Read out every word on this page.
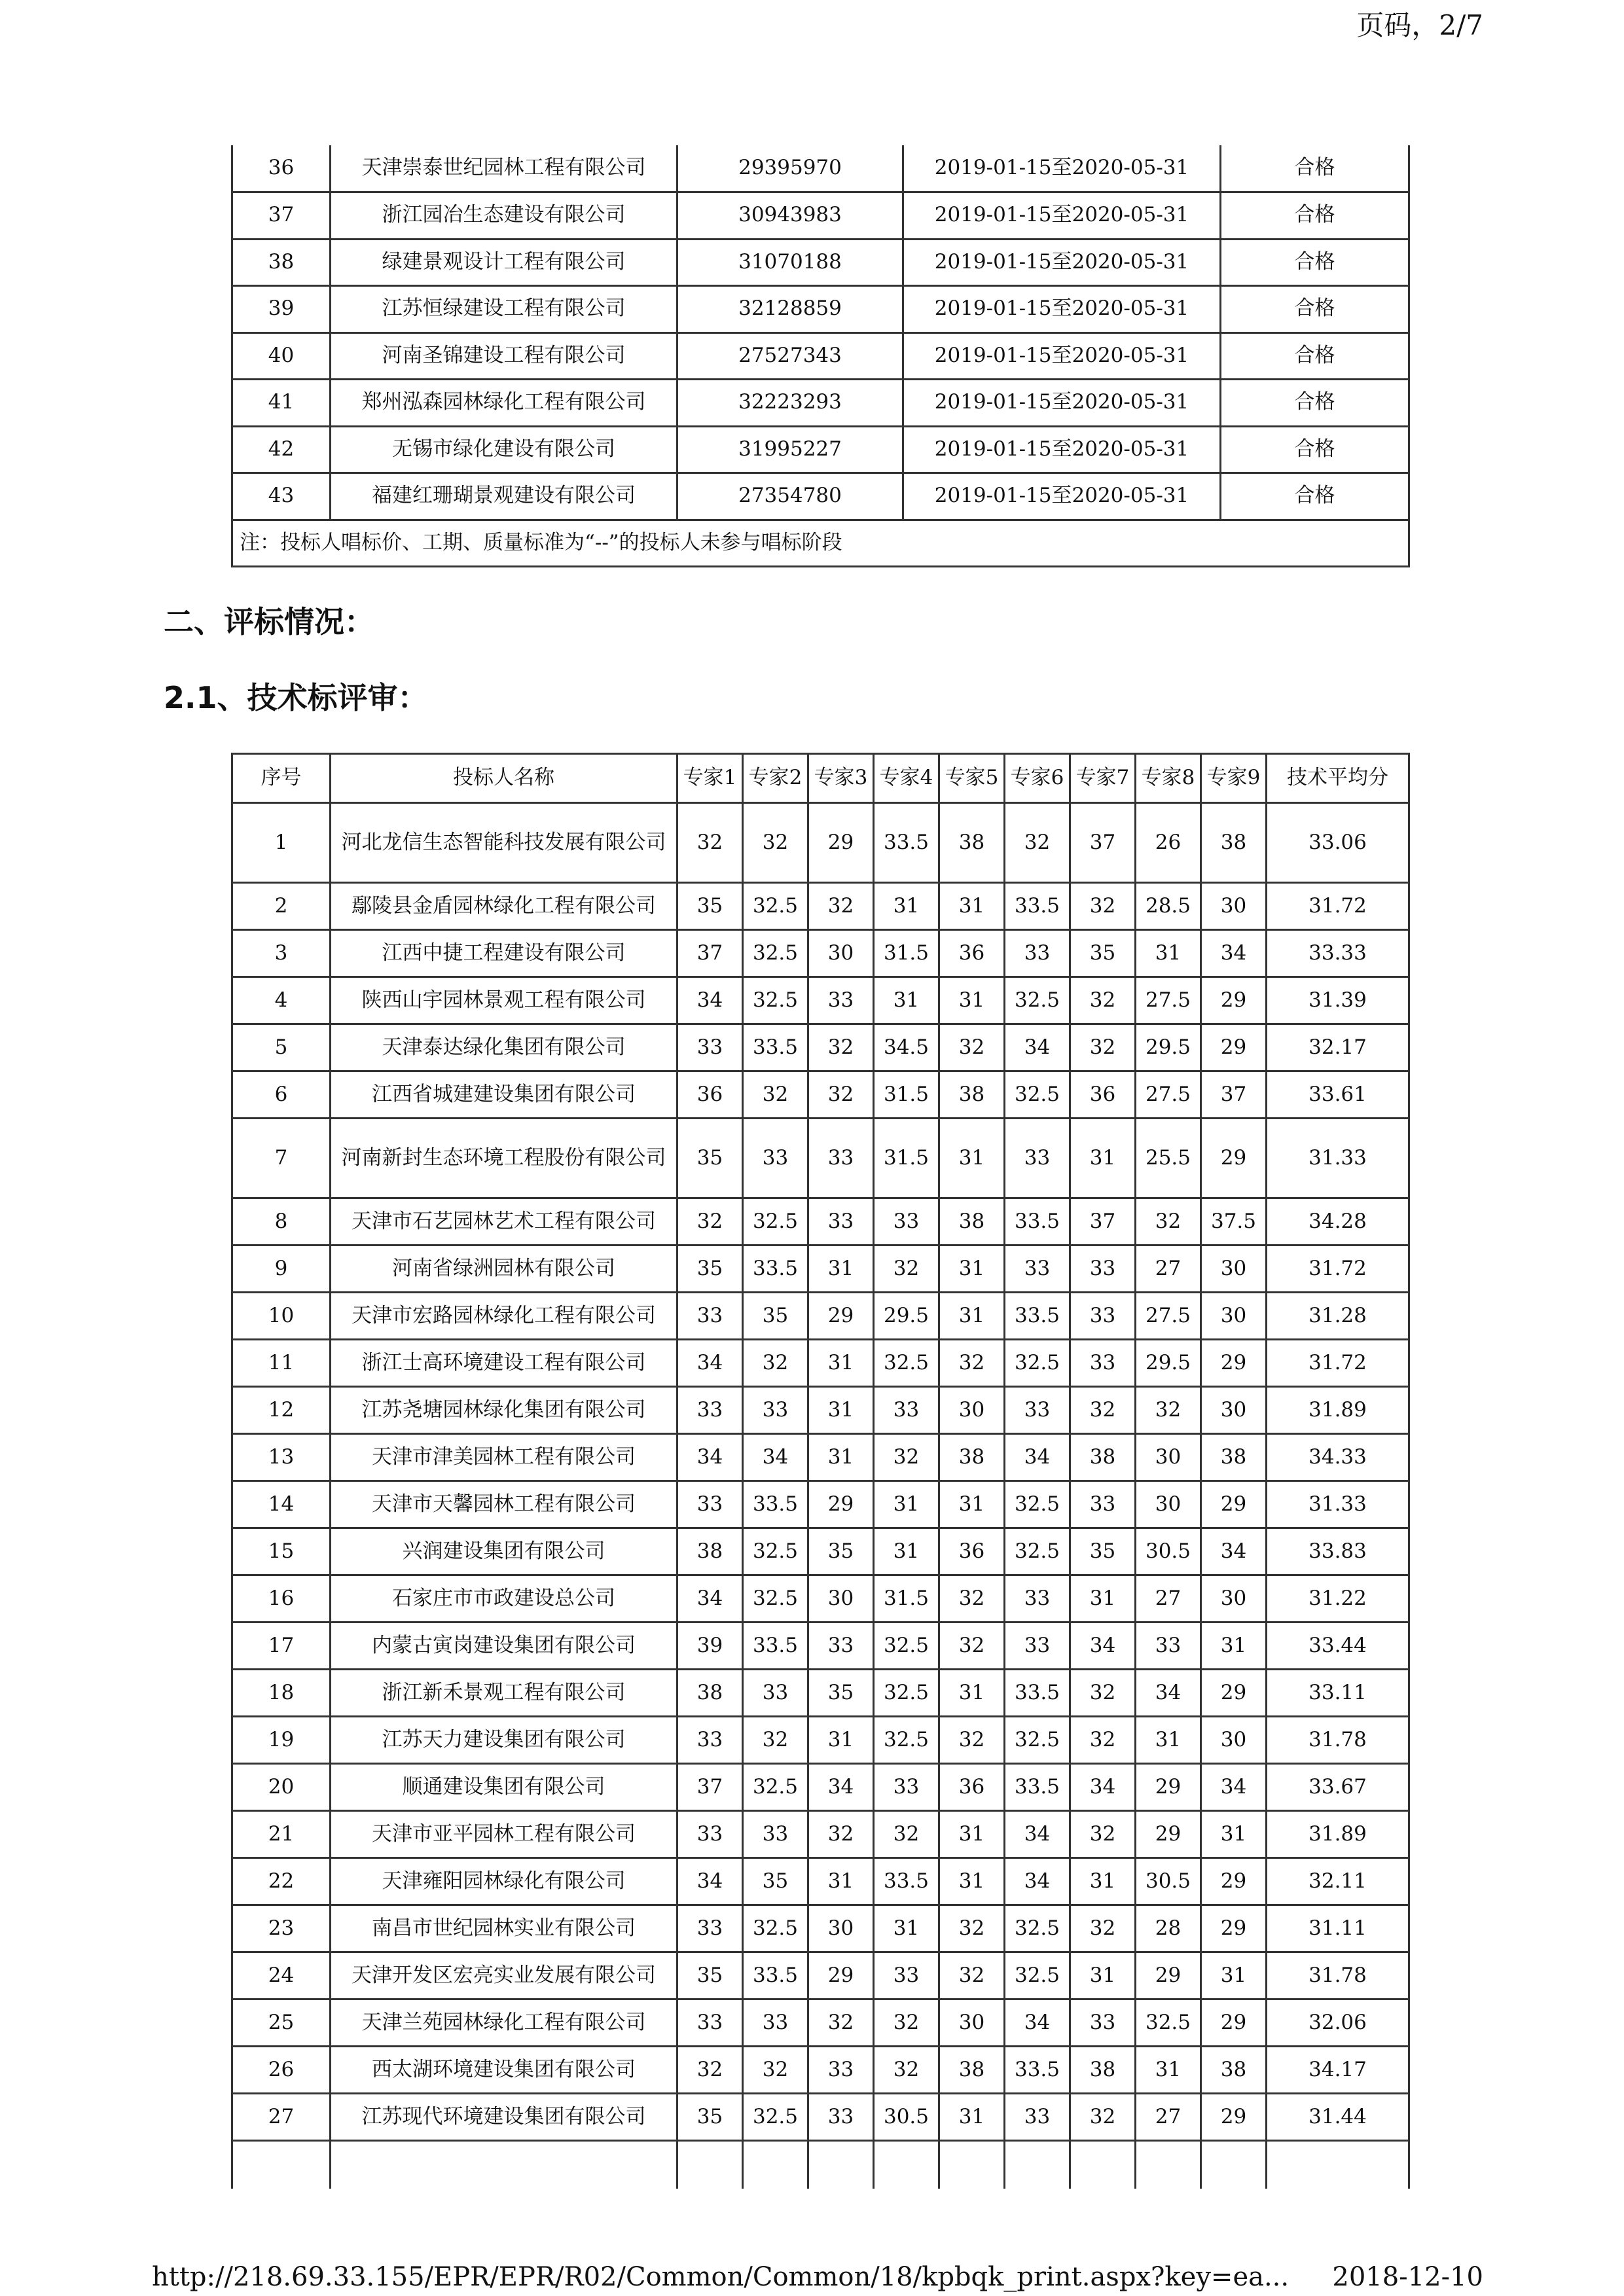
页码，2/7
36	天津崇泰世纪园林工程有限公司	29395970	2019-01-15至2020-05-31	合格
37	浙江园冶生态建设有限公司	30943983	2019-01-15至2020-05-31	合格
38	绿建景观设计工程有限公司	31070188	2019-01-15至2020-05-31	合格
39	江苏恒绿建设工程有限公司	32128859	2019-01-15至2020-05-31	合格
40	河南圣锦建设工程有限公司	27527343	2019-01-15至2020-05-31	合格
41	郑州泓森园林绿化工程有限公司	32223293	2019-01-15至2020-05-31	合格
42	无锡市绿化建设有限公司	31995227	2019-01-15至2020-05-31	合格
43	福建红珊瑚景观建设有限公司	27354780	2019-01-15至2020-05-31	合格
注：投标人唱标价、工期、质量标准为“--”的投标人未参与唱标阶段				
二、评标情况：
2.1、技术标评审：
序号	投标人名称	专家1	专家2	专家3	专家4	专家5	专家6	专家7	专家8	专家9	技术平均分
1	河北龙信生态智能科技发展有限公司	32	32	29	33.5	38	32	37	26	38	33.06
2	鄢陵县金盾园林绿化工程有限公司	35	32.5	32	31	31	33.5	32	28.5	30	31.72
3	江西中捷工程建设有限公司	37	32.5	30	31.5	36	33	35	31	34	33.33
4	陕西山宇园林景观工程有限公司	34	32.5	33	31	31	32.5	32	27.5	29	31.39
5	天津泰达绿化集团有限公司	33	33.5	32	34.5	32	34	32	29.5	29	32.17
6	江西省城建建设集团有限公司	36	32	32	31.5	38	32.5	36	27.5	37	33.61
7	河南新封生态环境工程股份有限公司	35	33	33	31.5	31	33	31	25.5	29	31.33
8	天津市石艺园林艺术工程有限公司	32	32.5	33	33	38	33.5	37	32	37.5	34.28
9	河南省绿洲园林有限公司	35	33.5	31	32	31	33	33	27	30	31.72
10	天津市宏路园林绿化工程有限公司	33	35	29	29.5	31	33.5	33	27.5	30	31.28
11	浙江士高环境建设工程有限公司	34	32	31	32.5	32	32.5	33	29.5	29	31.72
12	江苏尧塘园林绿化集团有限公司	33	33	31	33	30	33	32	32	30	31.89
13	天津市津美园林工程有限公司	34	34	31	32	38	34	38	30	38	34.33
14	天津市天馨园林工程有限公司	33	33.5	29	31	31	32.5	33	30	29	31.33
15	兴润建设集团有限公司	38	32.5	35	31	36	32.5	35	30.5	34	33.83
16	石家庄市市政建设总公司	34	32.5	30	31.5	32	33	31	27	30	31.22
17	内蒙古寅岗建设集团有限公司	39	33.5	33	32.5	32	33	34	33	31	33.44
18	浙江新禾景观工程有限公司	38	33	35	32.5	31	33.5	32	34	29	33.11
19	江苏天力建设集团有限公司	33	32	31	32.5	32	32.5	32	31	30	31.78
20	顺通建设集团有限公司	37	32.5	34	33	36	33.5	34	29	34	33.67
21	天津市亚平园林工程有限公司	33	33	32	32	31	34	32	29	31	31.89
22	天津雍阳园林绿化有限公司	34	35	31	33.5	31	34	31	30.5	29	32.11
23	南昌市世纪园林实业有限公司	33	32.5	30	31	32	32.5	32	28	29	31.11
24	天津开发区宏亮实业发展有限公司	35	33.5	29	33	32	32.5	31	29	31	31.78
25	天津兰苑园林绿化工程有限公司	33	33	32	32	30	34	33	32.5	29	32.06
26	西太湖环境建设集团有限公司	32	32	33	32	38	33.5	38	31	38	34.17
27	江苏现代环境建设集团有限公司	35	32.5	33	30.5	31	33	32	27	29	31.44

http://218.69.33.155/EPR/EPR/R02/Common/Common/18/kpbqk_print.aspx?key=ea... 2018-12-10
